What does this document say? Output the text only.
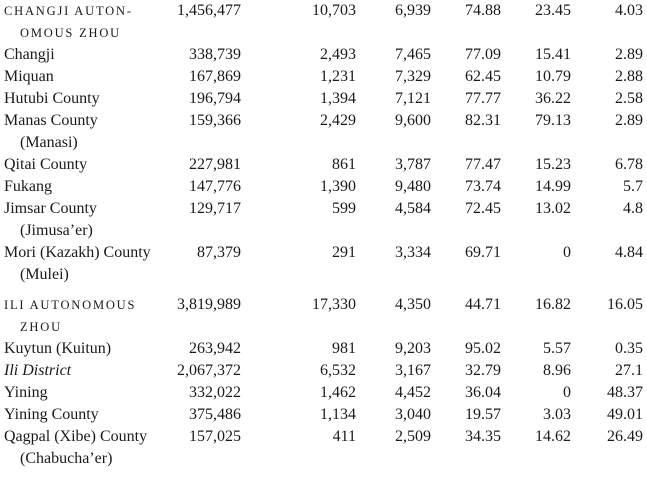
CHANGJI AUTON-	1,456,477	10,703 6,939 74.88 23.45	4.03
OMOUS ZHOU
Changji	338,739	2,493 7,465 77.09 15.41	2.89
Miquan	167,869	1,231 7,329 62.45 10.79	2.88
Hutubi County	196,794	1,394 7,121 77.77 36.22	2.58
Manas County	159,366	2,429 9,600 82.31 79.13	2.89
(Manasi)
Qitai County	227,981	861 3,787 77.47 15.23	6.78
Fukang	147,776	1,390 9,480 73.74 14.99	5.7
Jimsar County	129,717	599 4,584 72.45 13.02	4.8
(Jimusa’er)
Mori (Kazakh) County	87,379	291 3,334 69.71	0	4.84
(Mulei)
ILI AUTONOMOUS	3,819,989	17,330 4,350 44.71 16.82 16.05
ZHOU
Kuytun (Kuitun)	263,942	981 9,203 95.02	5.57	0.35
Ili District	2,067,372	6,532 3,167 32.79	8.96	27.1
Yining	332,022	1,462 4,452 36.04	0 48.37
Yining County	375,486	1,134 3,040 19.57	3.03 49.01
Qagpal (Xibe) County	157,025	411 2,509 34.35 14.62 26.49
(Chabucha’er)
